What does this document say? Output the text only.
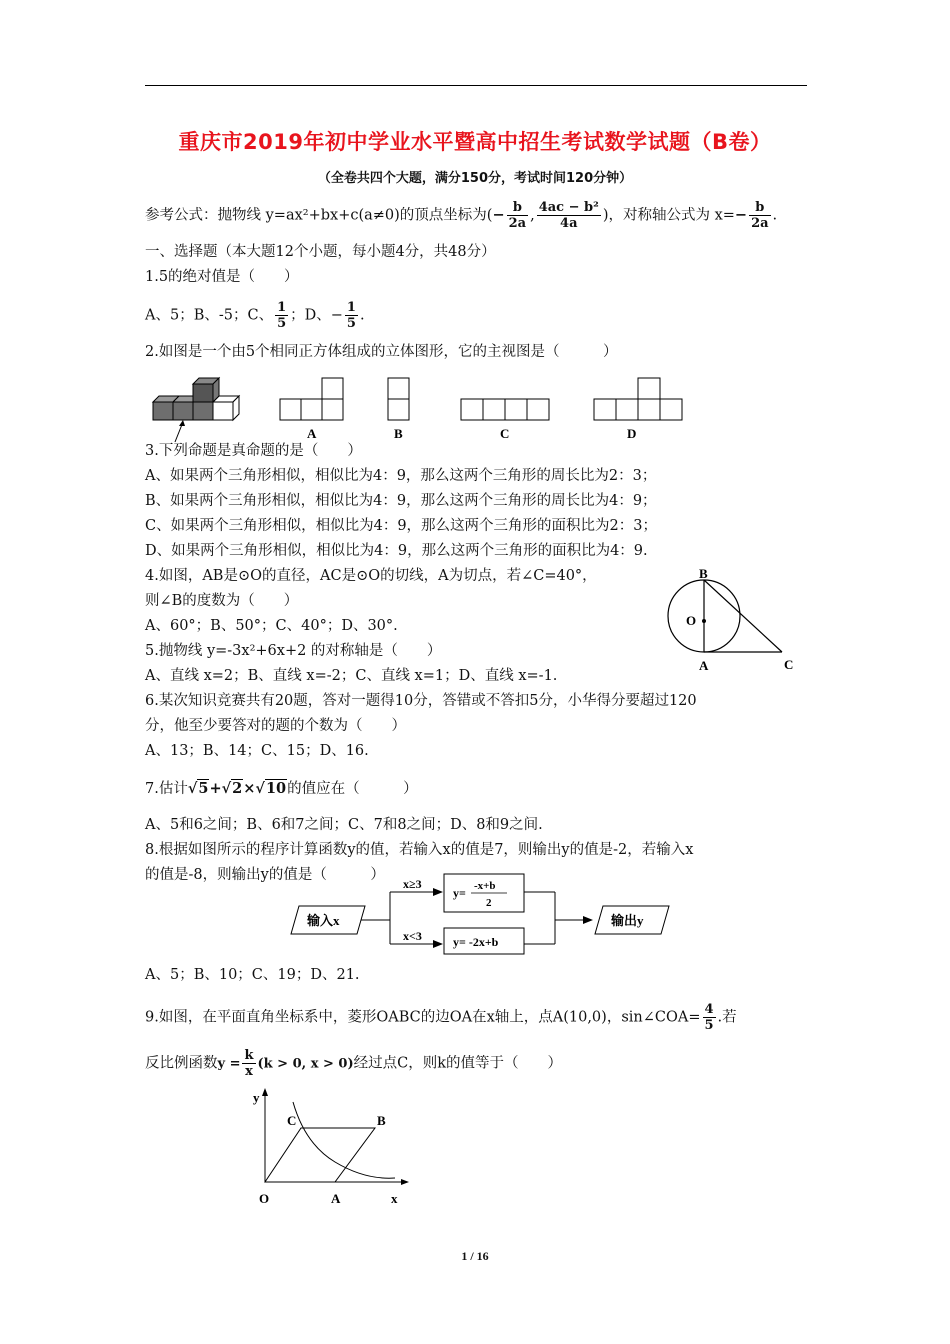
重庆市2019年初中学业水平暨高中招生考试数学试题（B卷）
（全卷共四个大题，满分150分，考试时间120分钟）
参考公式：抛物线 y=ax²+bx+c(a≠0)的顶点坐标为(− $\frac{b}{2a}$ , $\frac{\text{4ac − b²}}{4a}$ )，对称轴公式为 $x=- \frac{b}{2a}$ .
一、选择题（本大题12个小题，每小题4分，共48分）
1.5的绝对值是（　　）
A、5；B、-5；C、 $\frac{1}{5}$ ；D、− $\frac{1}{5}$ .
2.如图是一个由5个相同正方体组成的立体图形，它的主视图是（　　　）
A	B	C	D
3.下列命题是真命题的是（　　）
A、如果两个三角形相似，相似比为4：9，那么这两个三角形的周长比为2：3；
B、如果两个三角形相似，相似比为4：9，那么这两个三角形的周长比为4：9；
C、如果两个三角形相似，相似比为4：9，那么这两个三角形的面积比为2：3；
D、如果两个三角形相似，相似比为4：9，那么这两个三角形的面积比为4：9.
4.如图，AB是⊙O的直径，AC是⊙O的切线，A为切点，若∠C=40°，
则∠B的度数为（　　）
A、60°；B、50°；C、40°；D、30°.
B
O
A	C
5.抛物线 y=-3x²+6x+2 的对称轴是（　　）
A、直线 x=2；B、直线 x=-2；C、直线 x=1；D、直线 x=-1.
6.某次知识竞赛共有20题，答对一题得10分，答错或不答扣5分，小华得分要超过120
分，他至少要答对的题的个数为（　　）
A、13；B、14；C、15；D、16.
7.估计√5+√2×√10的值应在（　　　）
A、5和6之间；B、6和7之间；C、7和8之间；D、8和9之间.
8.根据如图所示的程序计算函数y的值，若输入x的值是7，则输出y的值是-2，若输入x
的值是-8，则输出y的值是（　　　）
输入x
x≥3
x<3
y= -x+b
2
y= -2x+b
输出y
A、5；B、10；C、19；D、21.
9.如图，在平面直角坐标系中，菱形OABC的边OA在x轴上，点A(10,0)，sin∠COA= $\frac{4}{5}$ .若
反比例函数$y = \frac{k}{x} (k > 0$, x > 0)经过点C，则k的值等于（　　）
y
C	B
O	A	x
1 / 16
